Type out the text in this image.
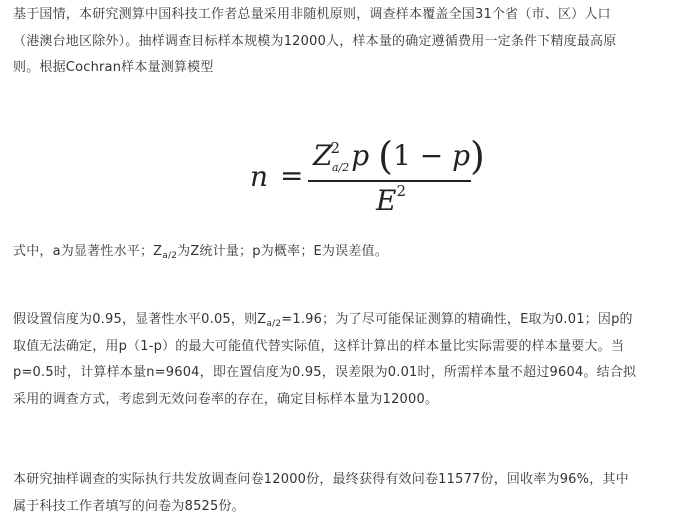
基于国情，本研究测算中国科技工作者总量采用非随机原则，调查样本覆盖全国31个省（市、区）人口
（港澳台地区除外）。抽样调查目标样本规模为12000人，样本量的确定遵循费用一定条件下精度最高原
则。根据Cochran样本量测算模型

n =
$Z^2_{a/2}p$ (1 − p)
$E^2$

式中，a为显著性水平；$Z_{a/2}$为Z统计量；p为概率；E为误差值。

假设置信度为0.95，显著性水平0.05，则$Z_{a/2}=1.96$；为了尽可能保证测算的精确性，E取为0.01；因p的
取值无法确定，用p（1-p）的最大可能值代替实际值，这样计算出的样本量比实际需要的样本量要大。当
p=0.5时，计算样本量n=9604，即在置信度为0.95，误差限为0.01时，所需样本量不超过9604。结合拟
采用的调查方式，考虑到无效问卷率的存在，确定目标样本量为12000。

本研究抽样调查的实际执行共发放调查问卷12000份，最终获得有效问卷11577份，回收率为96%，其中
属于科技工作者填写的问卷为8525份。
